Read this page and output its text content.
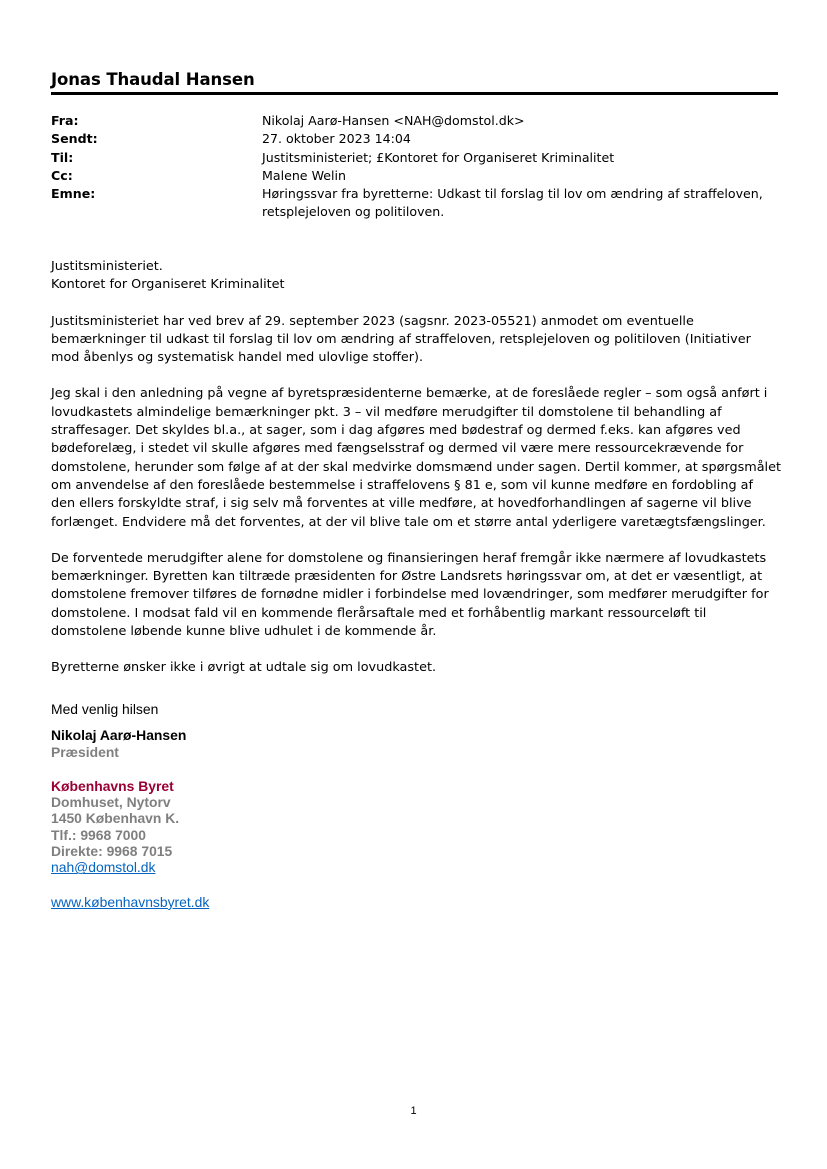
Jonas Thaudal Hansen
Fra:	Nikolaj Aarø-Hansen <NAH@domstol.dk>
Sendt:	27. oktober 2023 14:04
Til:	Justitsministeriet; £Kontoret for Organiseret Kriminalitet
Cc:	Malene Welin
Emne:	Høringssvar fra byretterne: Udkast til forslag til lov om ændring af straffeloven, retsplejeloven og politiloven.

Justitsministeriet.

Kontoret for Organiseret Kriminalitet

Justitsministeriet har ved brev af 29. september 2023 (sagsnr. 2023-05521) anmodet om eventuelle bemærkninger til udkast til forslag til lov om ændring af straffeloven, retsplejeloven og politiloven (Initiativer mod åbenlys og systematisk handel med ulovlige stoffer).

Jeg skal i den anledning på vegne af byretspræsidenterne bemærke, at de foreslåede regler – som også anført i lovudkastets almindelige bemærkninger pkt. 3 – vil medføre merudgifter til domstolene til behandling af straffesager. Det skyldes bl.a., at sager, som i dag afgøres med bødestraf og dermed f.eks. kan afgøres ved bødeforelæg, i stedet vil skulle afgøres med fængselsstraf og dermed vil være mere ressourcekrævende for domstolene, herunder som følge af at der skal medvirke domsmænd under sagen. Dertil kommer, at spørgsmålet om anvendelse af den foreslåede bestemmelse i straffelovens § 81 e, som vil kunne medføre en fordobling af den ellers forskyldte straf, i sig selv må forventes at ville medføre, at hovedforhandlingen af sagerne vil blive forlænget. Endvidere må det forventes, at der vil blive tale om et større antal yderligere varetægtsfængslinger.

De forventede merudgifter alene for domstolene og finansieringen heraf fremgår ikke nærmere af lovudkastets bemærkninger. Byretten kan tiltræde præsidenten for Østre Landsrets høringssvar om, at det er væsentligt, at domstolene fremover tilføres de fornødne midler i forbindelse med lovændringer, som medfører merudgifter for domstolene. I modsat fald vil en kommende flerårsaftale med et forhåbentlig markant ressourceløft til domstolene løbende kunne blive udhulet i de kommende år.

Byretterne ønsker ikke i øvrigt at udtale sig om lovudkastet.

Med venlig hilsen
Nikolaj Aarø-Hansen
Præsident
Københavns Byret
Domhuset, Nytorv
1450 København K.
Tlf.: 9968 7000
Direkte: 9968 7015
nah@domstol.dk
www.københavnsbyret.dk
1
